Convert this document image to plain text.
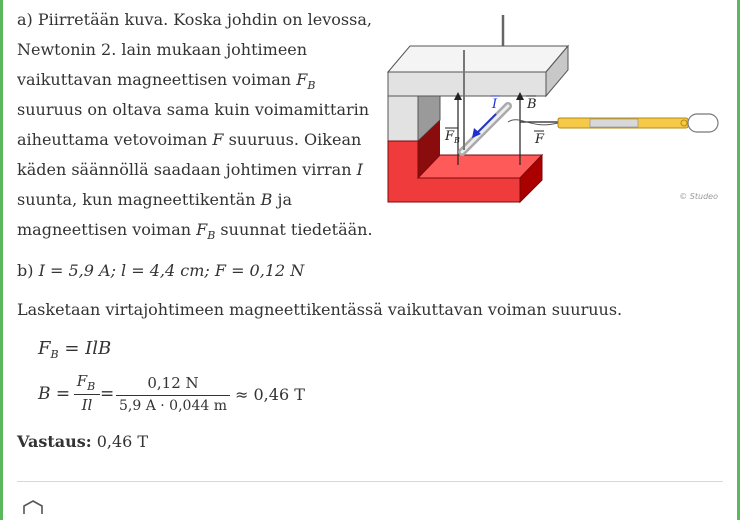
a) Piirretään kuva. Koska johdin on levossa,
Newtonin 2. lain mukaan johtimeen
vaikuttavan magneettisen voiman $F_B$
suuruus on oltava sama kuin voimamittarin
aiheuttama vetovoiman F suuruus. Oikean
käden säännöllä saadaan johtimen virran I
suunta, kun magneettikentän B ja
magneettisen voiman $F_B$ suunnat tiedetään.
I B
$F_B$	F
© Studeo
b) I = 5,9 A; l = 4,4 cm; F = 0,12 N
Lasketaan virtajohtimeen magneettikentässä vaikuttavan voiman suuruus.
$F_B$ = IlB
B =
$F_B$
Il
=
0,12 N
5,9 A · 0,044 m
≈ 0,46 T
Vastaus: 0,46 T
